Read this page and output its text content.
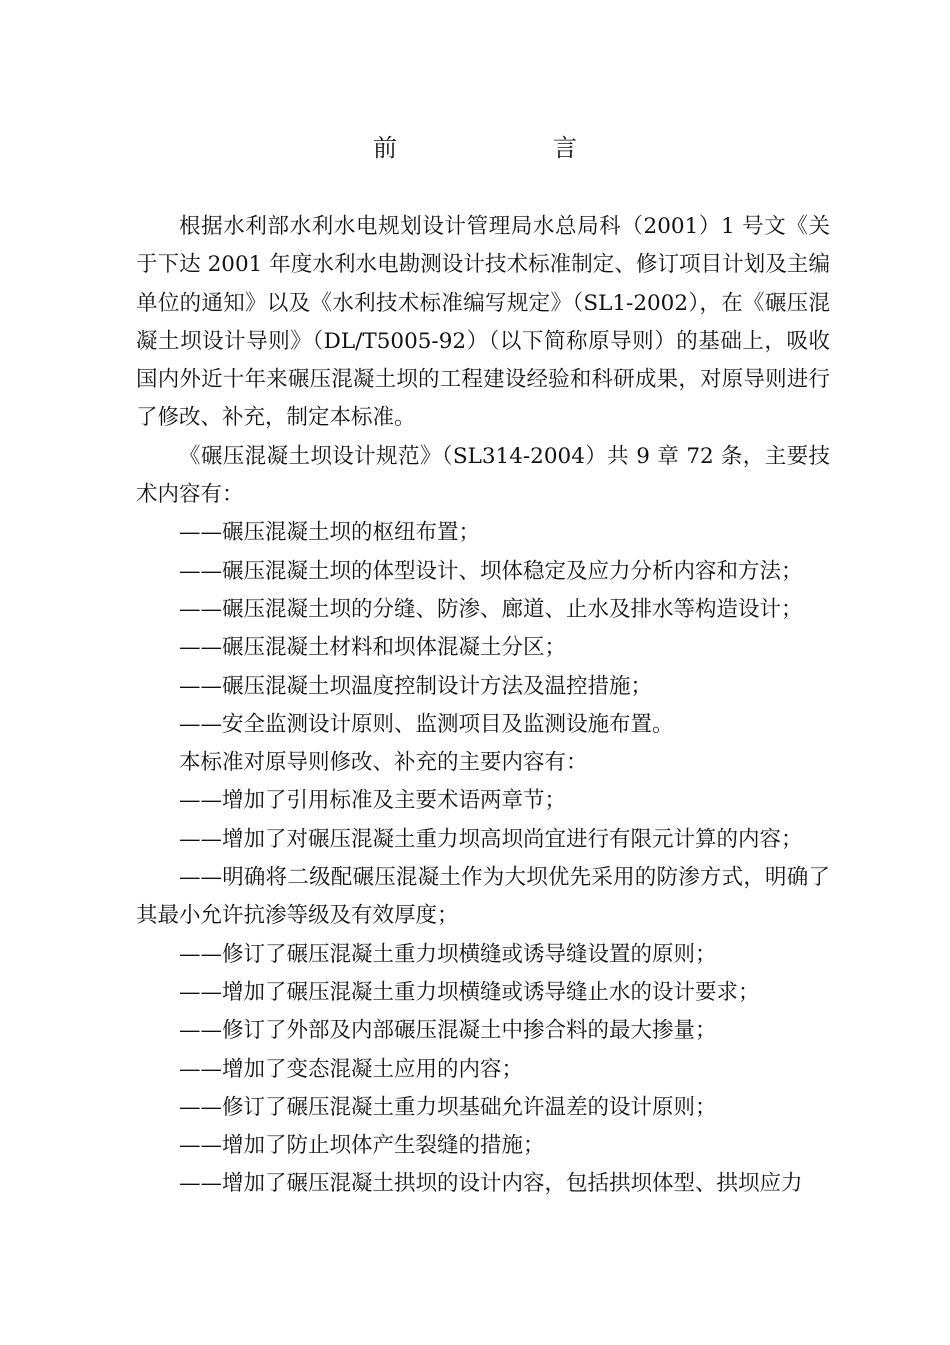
前　　言

根据水利部水利水电规划设计管理局水总局科（2001）1 号文《关于下达 2001 年度水利水电勘测设计技术标准制定、修订项目计划及主编单位的通知》以及《水利技术标准编写规定》（SL1-2002），在《碾压混凝土坝设计导则》（DL/T5005-92）（以下简称原导则）的基础上，吸收国内外近十年来碾压混凝土坝的工程建设经验和科研成果，对原导则进行了修改、补充，制定本标准。

《碾压混凝土坝设计规范》（SL314-2004）共 9 章 72 条，主要技术内容有：

——碾压混凝土坝的枢纽布置；

——碾压混凝土坝的体型设计、坝体稳定及应力分析内容和方法；

——碾压混凝土坝的分缝、防渗、廊道、止水及排水等构造设计；

——碾压混凝土材料和坝体混凝土分区；

——碾压混凝土坝温度控制设计方法及温控措施；

——安全监测设计原则、监测项目及监测设施布置。

本标准对原导则修改、补充的主要内容有：

——增加了引用标准及主要术语两章节；

——增加了对碾压混凝土重力坝高坝尚宜进行有限元计算的内容；

——明确将二级配碾压混凝土作为大坝优先采用的防渗方式，明确了其最小允许抗渗等级及有效厚度；

——修订了碾压混凝土重力坝横缝或诱导缝设置的原则；

——增加了碾压混凝土重力坝横缝或诱导缝止水的设计要求；

——修订了外部及内部碾压混凝土中掺合料的最大掺量；

——增加了变态混凝土应用的内容；

——修订了碾压混凝土重力坝基础允许温差的设计原则；

——增加了防止坝体产生裂缝的措施；

——增加了碾压混凝土拱坝的设计内容，包括拱坝体型、拱坝应力
